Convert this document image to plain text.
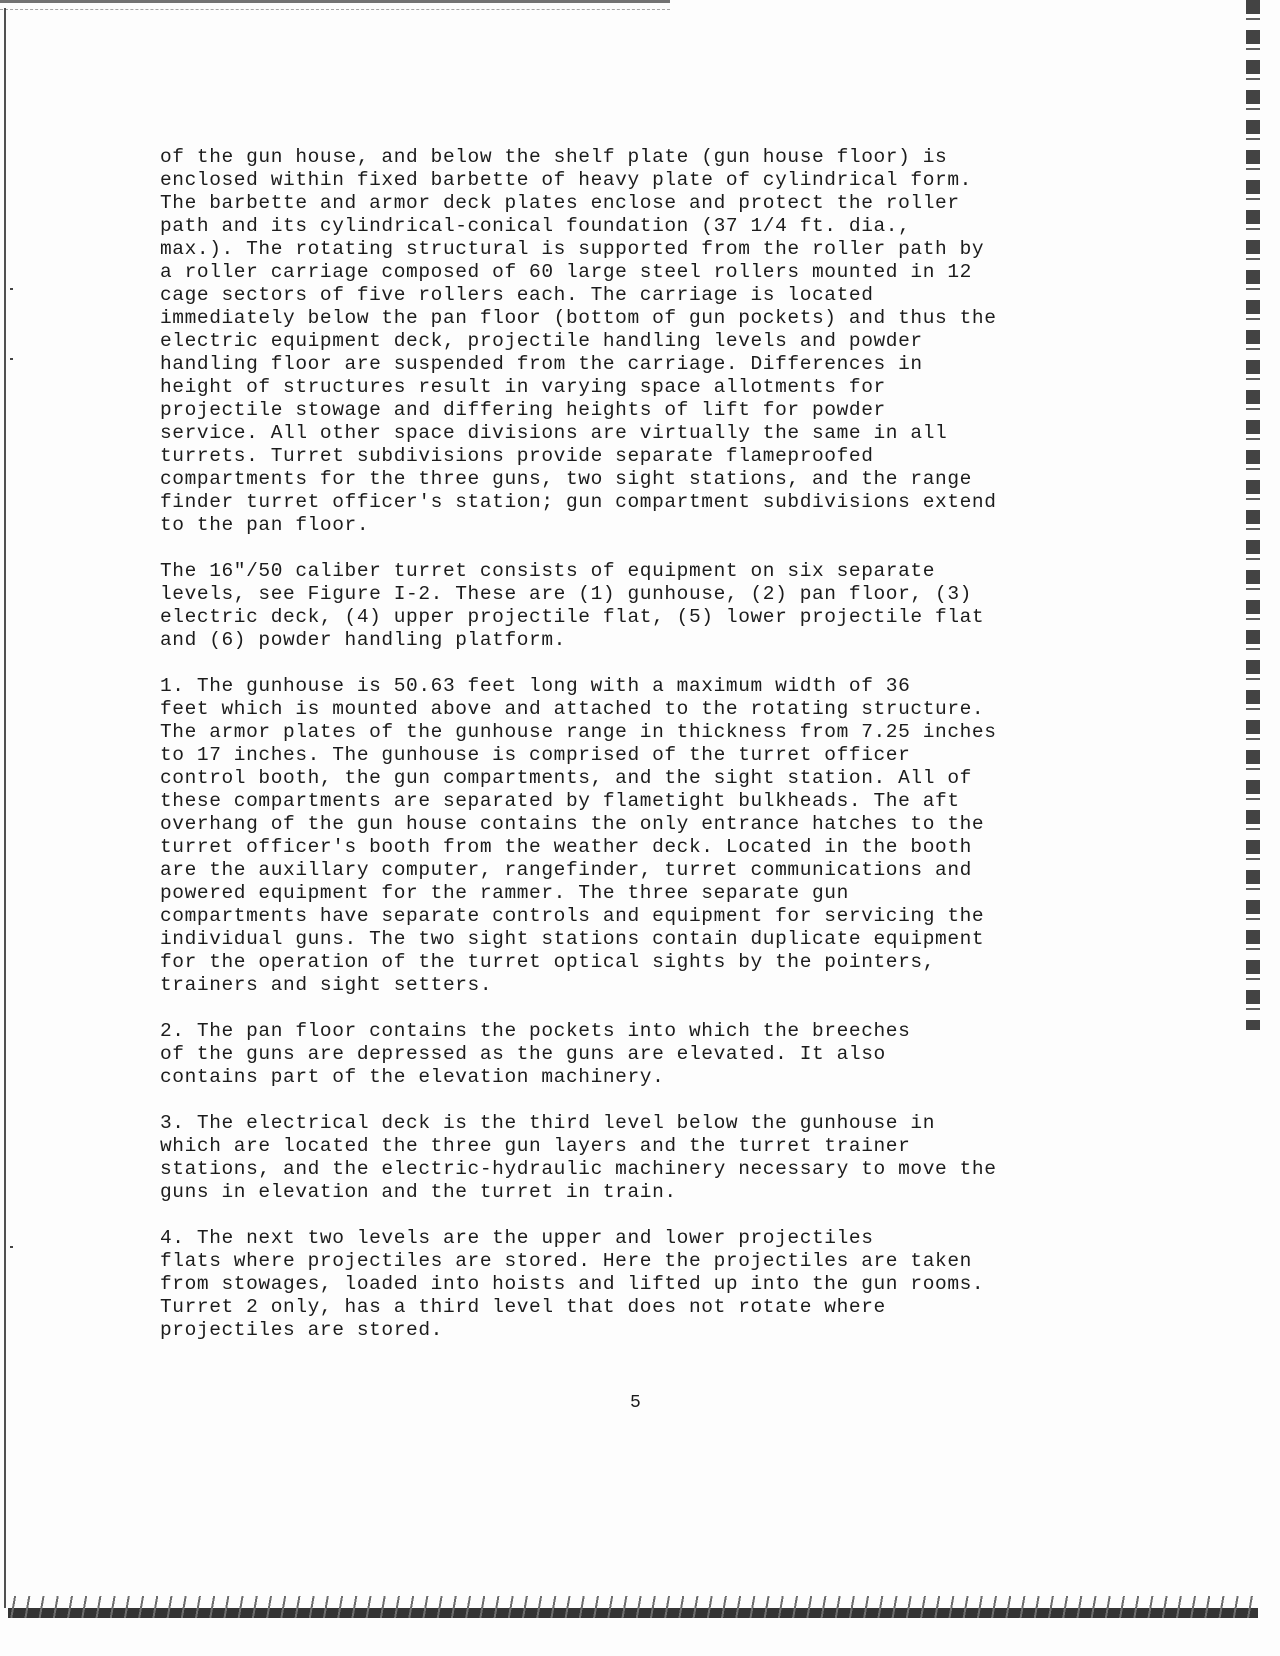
of the gun house, and below the shelf plate (gun house floor) is
enclosed within fixed barbette of heavy plate of cylindrical form.
The barbette and armor deck plates enclose and protect the roller
path and its cylindrical-conical foundation (37 1/4 ft. dia.,
max.). The rotating structural is supported from the roller path by
a roller carriage composed of 60 large steel rollers mounted in 12
cage sectors of five rollers each. The carriage is located
immediately below the pan floor (bottom of gun pockets) and thus the
electric equipment deck, projectile handling levels and powder
handling floor are suspended from the carriage. Differences in
height of structures result in varying space allotments for
projectile stowage and differing heights of lift for powder
service. All other space divisions are virtually the same in all
turrets. Turret subdivisions provide separate flameproofed
compartments for the three guns, two sight stations, and the range
finder turret officer's station; gun compartment subdivisions extend
to the pan floor.

The 16"/50 caliber turret consists of equipment on six separate
levels, see Figure I-2. These are (1) gunhouse, (2) pan floor, (3)
electric deck, (4) upper projectile flat, (5) lower projectile flat
and (6) powder handling platform.

1. The gunhouse is 50.63 feet long with a maximum width of 36
feet which is mounted above and attached to the rotating structure.
The armor plates of the gunhouse range in thickness from 7.25 inches
to 17 inches. The gunhouse is comprised of the turret officer
control booth, the gun compartments, and the sight station. All of
these compartments are separated by flametight bulkheads. The aft
overhang of the gun house contains the only entrance hatches to the
turret officer's booth from the weather deck. Located in the booth
are the auxillary computer, rangefinder, turret communications and
powered equipment for the rammer. The three separate gun
compartments have separate controls and equipment for servicing the
individual guns. The two sight stations contain duplicate equipment
for the operation of the turret optical sights by the pointers,
trainers and sight setters.

2. The pan floor contains the pockets into which the breeches
of the guns are depressed as the guns are elevated. It also
contains part of the elevation machinery.

3. The electrical deck is the third level below the gunhouse in
which are located the three gun layers and the turret trainer
stations, and the electric-hydraulic machinery necessary to move the
guns in elevation and the turret in train.

4. The next two levels are the upper and lower projectiles
flats where projectiles are stored. Here the projectiles are taken
from stowages, loaded into hoists and lifted up into the gun rooms.
Turret 2 only, has a third level that does not rotate where
projectiles are stored.

5
